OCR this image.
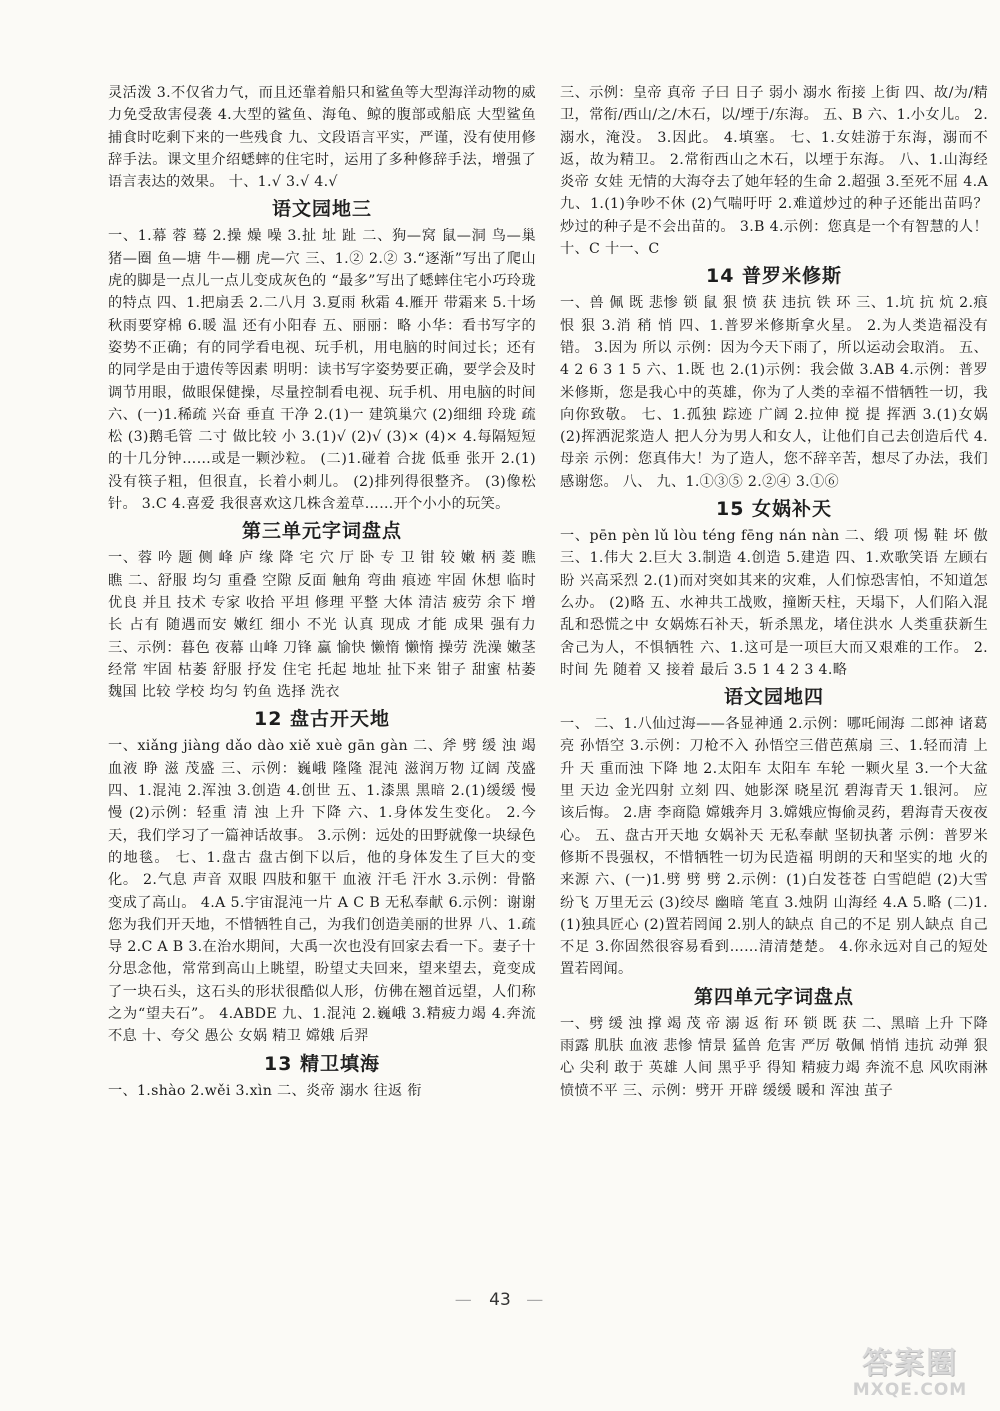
灵活泼 3.不仅省力气，而且还靠着船只和鲨鱼等大型海洋动物的威力免受敌害侵袭 4.大型的鲨鱼、海龟、鲸的腹部或船底 大型鲨鱼捕食时吃剩下来的一些残食 九、文段语言平实，严谨，没有使用修辞手法。课文里介绍蟋蟀的住宅时，运用了多种修辞手法，增强了语言表达的效果。 十、1.√ 3.√ 4.√
语文园地三
一、1.幕 蓉 蓦 2.操 燥 噪 3.扯 址 趾 二、狗—窝 鼠—洞 鸟—巢 猪—圈 鱼—塘 牛—棚 虎—穴 三、1.② 2.② 3.“逐渐”写出了爬山虎的脚是一点儿一点儿变成灰色的 “最多”写出了蟋蟀住宅小巧玲珑的特点 四、1.把扇丢 2.二八月 3.夏雨 秋霜 4.雁开 带霜来 5.十场秋雨要穿棉 6.暖 温 还有小阳春 五、丽丽：略 小华：看书写字的姿势不正确；有的同学看电视、玩手机，用电脑的时间过长；还有的同学是由于遗传等因素 明明：读书写字姿势要正确，要学会及时调节用眼，做眼保健操，尽量控制看电视、玩手机、用电脑的时间 六、(一)1.稀疏 兴奋 垂直 干净 2.(1)一 建筑巢穴 (2)细细 玲珑 疏松 (3)鹅毛管 二寸 做比较 小 3.(1)√ (2)√ (3)× (4)× 4.每隔短短的十几分钟……或是一颗沙粒。 (二)1.碰着 合拢 低垂 张开 2.(1)没有筷子粗，但很直，长着小刺儿。 (2)排列得很整齐。 (3)像松针。 3.C 4.喜爱 我很喜欢这几株含羞草……开个小小的玩笑。
第三单元字词盘点
一、蓉 吟 题 侧 峰 庐 缘 降 宅 穴 厅 卧 专 卫 钳 较 嫩 柄 菱 瞧 瞧 二、舒服 均匀 重叠 空隙 反面 触角 弯曲 痕迹 牢固 休想 临时 优良 并且 技术 专家 收拾 平坦 修理 平整 大体 清洁 疲劳 余下 增长 占有 随遇而安 嫩红 细小 不光 认真 现成 才能 成果 强有力 三、示例：暮色 夜幕 山峰 刀锋 蠃 愉快 懒惰 懒惰 操劳 洗澡 嫩茎 经常 牢固 枯萎 舒服 抒发 住宅 托起 地址 扯下来 钳子 甜蜜 枯萎 魏国 比较 学校 均匀 钓鱼 选择 洗衣
12 盘古开天地
一、xiǎng jiàng dǎo dào xiě xuè gān gàn 二、斧 劈 缓 浊 竭 血液 睁 滋 茂盛 三、示例：巍峨 隆隆 混沌 滋润万物 辽阔 茂盛 四、1.混沌 2.浑浊 3.创造 4.创世 五、1.漆黑 黑暗 2.(1)缓缓 慢慢 (2)示例：轻重 清 浊 上升 下降 六、1.身体发生变化。 2.今天，我们学习了一篇神话故事。 3.示例：远处的田野就像一块绿色的地毯。 七、1.盘古 盘古倒下以后，他的身体发生了巨大的变化。 2.气息 声音 双眼 四肢和躯干 血液 汗毛 汗水 3.示例：骨骼变成了高山。 4.A 5.宇宙混沌一片 A C B 无私奉献 6.示例：谢谢您为我们开天地，不惜牺牲自己，为我们创造美丽的世界 八、1.疏导 2.C A B 3.在治水期间，大禹一次也没有回家去看一下。妻子十分思念他，常常到高山上眺望，盼望丈夫回来，望来望去，竟变成了一块石头，这石头的形状很酷似人形，仿佛在翘首远望，人们称之为“望夫石”。 4.ABDE 九、1.混沌 2.巍峨 3.精疲力竭 4.奔流不息 十、夸父 愚公 女娲 精卫 嫦娥 后羿
13 精卫填海
一、1.shào 2.wěi 3.xìn 二、炎帝 溺水 往返 衔
三、示例：皇帝 真帝 子曰 日子 弱小 溺水 衔接 上街 四、故/为/精卫，常衔/西山/之/木石，以/堙于/东海。 五、B 六、1.小女儿。 2.溺水，淹没。 3.因此。 4.填塞。 七、1.女娃游于东海，溺而不返，故为精卫。 2.常衔西山之木石，以堙于东海。 八、1.山海经 炎帝 女娃 无情的大海夺去了她年轻的生命 2.超强 3.至死不屈 4.A 九、1.(1)争吵不休 (2)气喘吁吁 2.难道炒过的种子还能出苗吗？ 炒过的种子是不会出苗的。 3.B 4.示例：您真是一个有智慧的人！ 十、C 十一、C
14 普罗米修斯
一、兽 佩 既 悲惨 锁 鼠 狠 愤 获 违抗 铁 环 三、1.坑 抗 炕 2.痕 恨 狠 3.消 稍 悄 四、1.普罗米修斯拿火星。 2.为人类造福没有错。 3.因为 所以 示例：因为今天下雨了，所以运动会取消。 五、4 2 6 3 1 5 六、1.既 也 2.(1)示例：我会做 3.AB 4.示例：普罗米修斯，您是我心中的英雄，你为了人类的幸福不惜牺牲一切，我向你致敬。 七、1.孤独 踪迹 广阔 2.拉伸 搅 提 挥洒 3.(1)女娲 (2)挥洒泥浆造人 把人分为男人和女人，让他们自己去创造后代 4.母亲 示例：您真伟大！为了造人，您不辞辛苦，想尽了办法，我们感谢您。 八、 九、1.①③⑤ 2.②④ 3.①⑥
15 女娲补天
一、pēn pèn lǔ lòu téng fēng nán nàn 二、缎 项 惕 鞋 坏 傲 三、1.伟大 2.巨大 3.制造 4.创造 5.建造 四、1.欢歌笑语 左顾右盼 兴高采烈 2.(1)而对突如其来的灾难，人们惊恐害怕，不知道怎么办。 (2)略 五、水神共工战败，撞断天柱，天塌下，人们陷入混乱和恐慌之中 女娲炼石补天，斩杀黑龙，堵住洪水 人类重获新生 舍己为人，不惧牺牲 六、1.这可是一项巨大而又艰难的工作。 2.时间 先 随着 又 接着 最后 3.5 1 4 2 3 4.略
语文园地四
一、 二、1.八仙过海——各显神通 2.示例：哪吒闹海 二郎神 诸葛亮 孙悟空 3.示例：刀枪不入 孙悟空三借芭蕉扇 三、1.轻而清 上升 天 重而浊 下降 地 2.太阳车 太阳车 车轮 一颗火星 3.一个大盆里 天边 金光四射 立刻 四、她影深 晓星沉 碧海青天 1.银河。 应该后悔。 2.唐 李商隐 嫦娥奔月 3.嫦娥应悔偷灵药，碧海青天夜夜心。 五、盘古开天地 女娲补天 无私奉献 坚韧执著 示例：普罗米修斯不畏强权，不惜牺牲一切为民造福 明朗的天和坚实的地 火的来源 六、(一)1.劈 劈 劈 2.示例：(1)白发苍苍 白雪皑皑 (2)大雪纷飞 万里无云 (3)绞尽 幽暗 笔直 3.烛阴 山海经 4.A 5.略 (二)1.(1)独具匠心 (2)置若罔闻 2.别人的缺点 自己的不足 别人缺点 自己不足 3.你固然很容易看到……清清楚楚。 4.你永远对自己的短处置若罔闻。
第四单元字词盘点
一、劈 缓 浊 撑 竭 茂 帝 溺 返 衔 环 锁 既 获 二、黑暗 上升 下降 雨露 肌肤 血液 悲惨 情景 猛兽 危害 严厉 敬佩 悄悄 违抗 动弹 狠心 尖利 敢于 英雄 人间 黑乎乎 得知 精疲力竭 奔流不息 风吹雨淋 愤愤不平 三、示例：劈开 开辟 缓缓 暖和 浑浊 茧子
— 43 —
答案圈
MXQE.COM
